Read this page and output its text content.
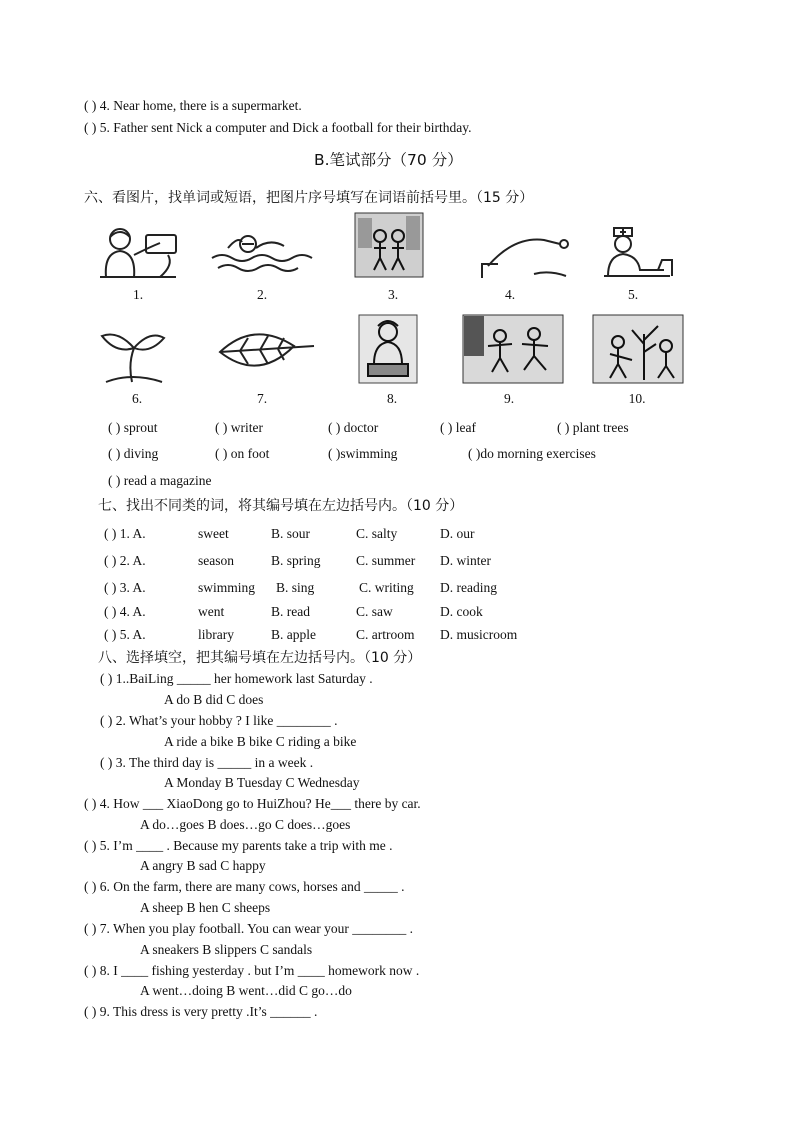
( ) 4. Near home, there is a supermarket.
( ) 5. Father sent Nick a computer and Dick a football for their birthday.
B.笔试部分（70 分）
六、看图片，找单词或短语，把图片序号填写在词语前括号里。（15 分）
1.	2.	3.	4.	5.
6.	7.	8.	9.	10.
( ) sprout	( ) writer	( ) doctor	( ) leaf	( ) plant trees
( ) diving	( ) on foot	( )swimming	( )do morning exercises
( ) read a magazine
七、找出不同类的词，将其编号填在左边括号内。（10 分）
( ) 1. A.	sweet	B. sour	C. salty	D. our
( ) 2. A.	season	B. spring	C. summer D. winter
( ) 3. A.	swimming B. sing	C. writing D. reading
( ) 4. A.	went	B. read	C. saw	D. cook
( ) 5. A.	library	B. apple	C. artroom D. musicroom
八、选择填空，把其编号填在左边括号内。（10 分）
( ) 1..BaiLing _____ her homework last Saturday .
A do B did C does
( ) 2. What’s your hobby ? I like ________ .
A ride a bike B bike C riding a bike
( ) 3. The third day is _____ in a week .
A Monday B Tuesday C Wednesday
( ) 4. How ___ XiaoDong go to HuiZhou? He___ there by car.
A do…goes B does…go C does…goes
( ) 5. I’m ____ . Because my parents take a trip with me .
A angry B sad C happy
( ) 6. On the farm, there are many cows, horses and _____ .
A sheep B hen C sheeps
( ) 7. When you play football. You can wear your ________ .
A sneakers B slippers C sandals
( ) 8. I ____ fishing yesterday . but I’m ____ homework now .
A went…doing B went…did C go…do
( ) 9. This dress is very pretty .It’s ______ .
